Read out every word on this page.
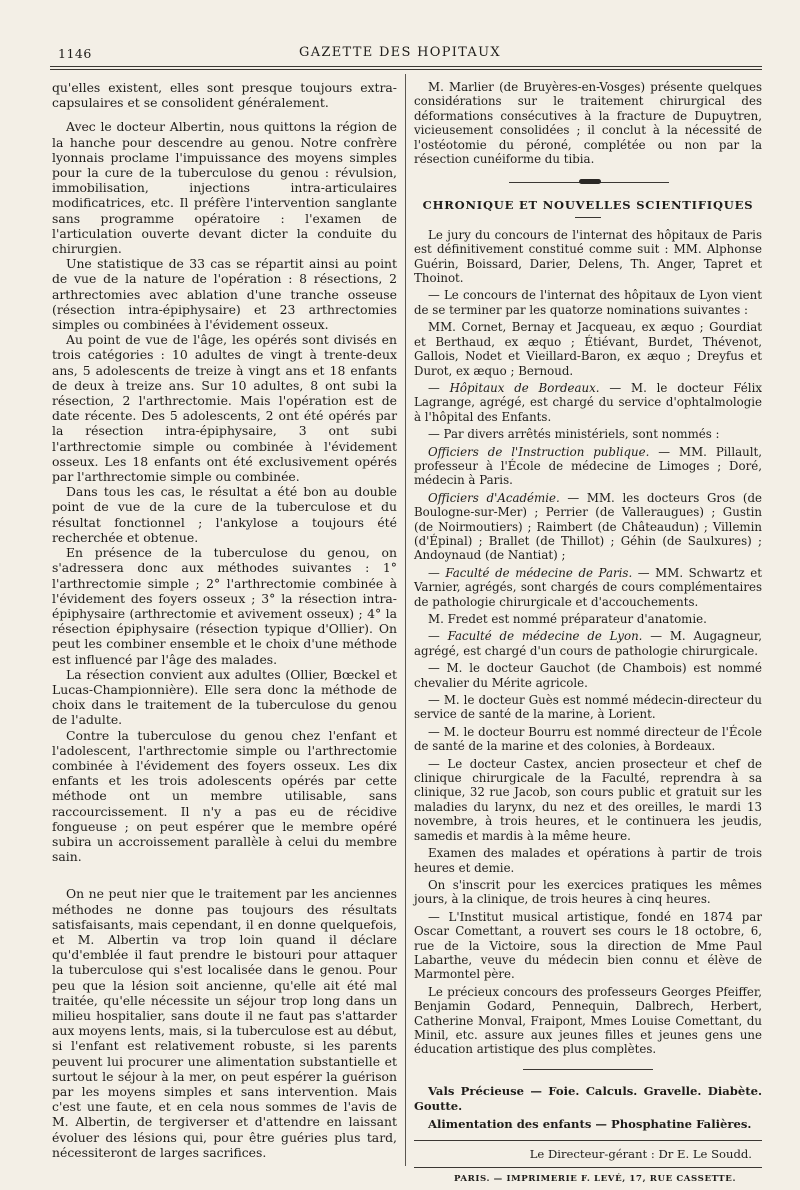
1146	GAZETTE DES HOPITAUX

qu'elles existent, elles sont presque toujours extra-capsulaires et se consolident généralement.

Avec le docteur Albertin, nous quittons la région de la hanche pour descendre au genou. Notre confrère lyonnais proclame l'impuissance des moyens simples pour la cure de la tuberculose du genou : révulsion, immobilisation, injections intra-articulaires modificatrices, etc. Il préfère l'intervention sanglante sans programme opératoire : l'examen de l'articulation ouverte devant dicter la conduite du chirurgien.

Une statistique de 33 cas se répartit ainsi au point de vue de la nature de l'opération : 8 résections, 2 arthrectomies avec ablation d'une tranche osseuse (résection intra-épiphysaire) et 23 arthrectomies simples ou combinées à l'évidement osseux.

Au point de vue de l'âge, les opérés sont divisés en trois catégories : 10 adultes de vingt à trente-deux ans, 5 adolescents de treize à vingt ans et 18 enfants de deux à treize ans. Sur 10 adultes, 8 ont subi la résection, 2 l'arthrectomie. Mais l'opération est de date récente. Des 5 adolescents, 2 ont été opérés par la résection intra-épiphysaire, 3 ont subi l'arthrectomie simple ou combinée à l'évidement osseux. Les 18 enfants ont été exclusivement opérés par l'arthrectomie simple ou combinée.

Dans tous les cas, le résultat a été bon au double point de vue de la cure de la tuberculose et du résultat fonctionnel ; l'ankylose a toujours été recherchée et obtenue.

En présence de la tuberculose du genou, on s'adressera donc aux méthodes suivantes : 1° l'arthrectomie simple ; 2° l'arthrectomie combinée à l'évidement des foyers osseux ; 3° la résection intra-épiphysaire (arthrectomie et avivement osseux) ; 4° la résection épiphysaire (résection typique d'Ollier). On peut les combiner ensemble et le choix d'une méthode est influencé par l'âge des malades.

La résection convient aux adultes (Ollier, Bœckel et Lucas-Championnière). Elle sera donc la méthode de choix dans le traitement de la tuberculose du genou de l'adulte.

Contre la tuberculose du genou chez l'enfant et l'adolescent, l'arthrectomie simple ou l'arthrectomie combinée à l'évidement des foyers osseux. Les dix enfants et les trois adolescents opérés par cette méthode ont un membre utilisable, sans raccourcissement. Il n'y a pas eu de récidive fongueuse ; on peut espérer que le membre opéré subira un accroissement parallèle à celui du membre sain.

On ne peut nier que le traitement par les anciennes méthodes ne donne pas toujours des résultats satisfaisants, mais cependant, il en donne quelquefois, et M. Albertin va trop loin quand il déclare qu'd'emblée il faut prendre le bistouri pour attaquer la tuberculose qui s'est localisée dans le genou. Pour peu que la lésion soit ancienne, qu'elle ait été mal traitée, qu'elle nécessite un séjour trop long dans un milieu hospitalier, sans doute il ne faut pas s'attarder aux moyens lents, mais, si la tuberculose est au début, si l'enfant est relativement robuste, si les parents peuvent lui procurer une alimentation substantielle et surtout le séjour à la mer, on peut espérer la guérison par les moyens simples et sans intervention. Mais c'est une faute, et en cela nous sommes de l'avis de M. Albertin, de tergiverser et d'attendre en laissant évoluer des lésions qui, pour être guéries plus tard, nécessiteront de larges sacrifices.

M. Marlier (de Bruyères-en-Vosges) présente quelques considérations sur le traitement chirurgical des déformations consécutives à la fracture de Dupuytren, vicieusement consolidées ; il conclut à la nécessité de l'ostéotomie du péroné, complétée ou non par la résection cunéiforme du tibia.

CHRONIQUE ET NOUVELLES SCIENTIFIQUES

Le jury du concours de l'internat des hôpitaux de Paris est définitivement constitué comme suit : MM. Alphonse Guérin, Boissard, Darier, Delens, Th. Anger, Tapret et Thoinot.

— Le concours de l'internat des hôpitaux de Lyon vient de se terminer par les quatorze nominations suivantes :

MM. Cornet, Bernay et Jacqueau, ex æquo ; Gourdiat et Berthaud, ex æquo ; Étiévant, Burdet, Thévenot, Gallois, Nodet et Vieillard-Baron, ex æquo ; Dreyfus et Durot, ex æquo ; Bernoud.

— Hôpitaux de Bordeaux. — M. le docteur Félix Lagrange, agrégé, est chargé du service d'ophtalmologie à l'hôpital des Enfants.

— Par divers arrêtés ministériels, sont nommés :

Officiers de l'Instruction publique. — MM. Pillault, professeur à l'École de médecine de Limoges ; Doré, médecin à Paris.

Officiers d'Académie. — MM. les docteurs Gros (de Boulogne-sur-Mer) ; Perrier (de Valleraugues) ; Gustin (de Noirmoutiers) ; Raimbert (de Châteaudun) ; Villemin (d'Épinal) ; Brallet (de Thillot) ; Géhin (de Saulxures) ; Andoynaud (de Nantiat) ;

— Faculté de médecine de Paris. — MM. Schwartz et Varnier, agrégés, sont chargés de cours complémentaires de pathologie chirurgicale et d'accouchements.

M. Fredet est nommé préparateur d'anatomie.

— Faculté de médecine de Lyon. — M. Augagneur, agrégé, est chargé d'un cours de pathologie chirurgicale.

— M. le docteur Gauchot (de Chambois) est nommé chevalier du Mérite agricole.

— M. le docteur Guès est nommé médecin-directeur du service de santé de la marine, à Lorient.

— M. le docteur Bourru est nommé directeur de l'École de santé de la marine et des colonies, à Bordeaux.

— Le docteur Castex, ancien prosecteur et chef de clinique chirurgicale de la Faculté, reprendra à sa clinique, 32 rue Jacob, son cours public et gratuit sur les maladies du larynx, du nez et des oreilles, le mardi 13 novembre, à trois heures, et le continuera les jeudis, samedis et mardis à la même heure.

Examen des malades et opérations à partir de trois heures et demie.

On s'inscrit pour les exercices pratiques les mêmes jours, à la clinique, de trois heures à cinq heures.

— L'Institut musical artistique, fondé en 1874 par Oscar Comettant, a rouvert ses cours le 18 octobre, 6, rue de la Victoire, sous la direction de Mme Paul Labarthe, veuve du médecin bien connu et élève de Marmontel père.

Le précieux concours des professeurs Georges Pfeiffer, Benjamin Godard, Pennequin, Dalbrech, Herbert, Catherine Monval, Fraipont, Mmes Louise Comettant, du Minil, etc. assure aux jeunes filles et jeunes gens une éducation artistique des plus complètes.

Vals Précieuse — Foie. Calculs. Gravelle. Diabète. Goutte.

Alimentation des enfants — Phosphatine Falières.

Le Directeur-gérant : Dr E. Le Soudd.

PARIS. — IMPRIMERIE F. LEVÉ, 17, RUE CASSETTE.
